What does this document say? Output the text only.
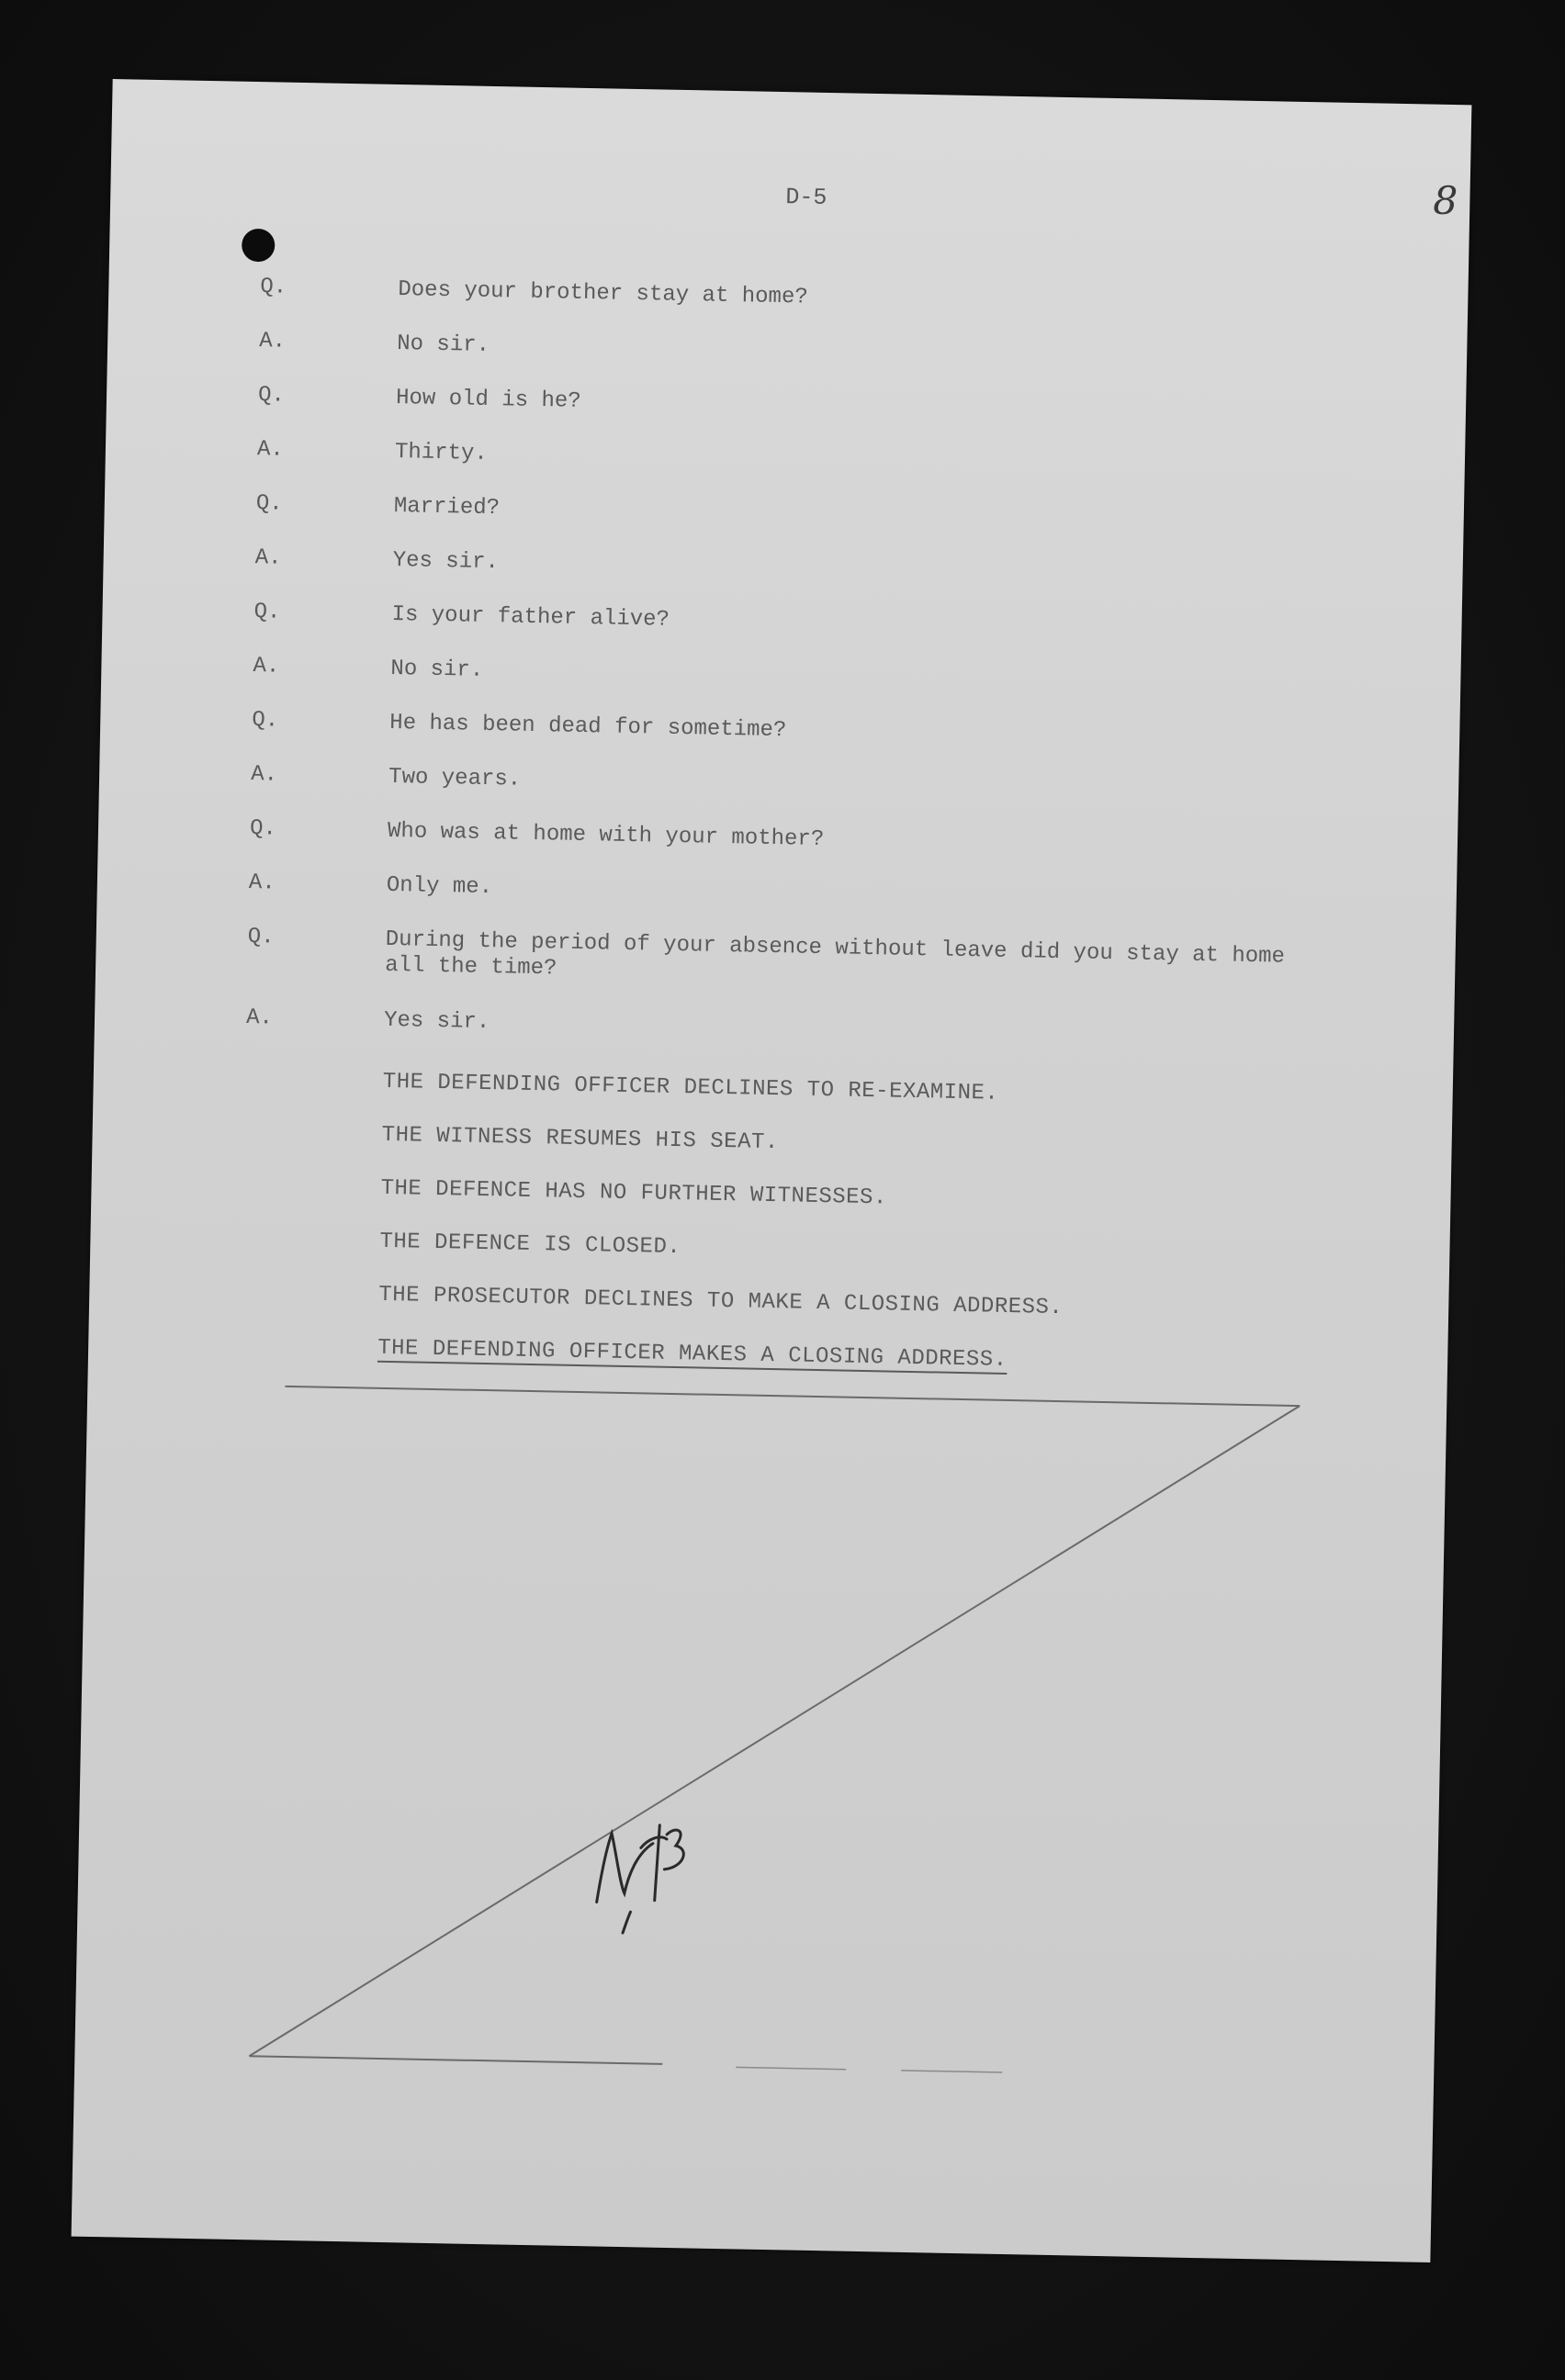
D-5	8
Q.	Does your brother stay at home?
A.	No sir.
Q.	How old is he?
A.	Thirty.
Q.	Married?
A.	Yes sir.
Q.	Is your father alive?
A.	No sir.
Q.	He has been dead for sometime?
A.	Two years.
Q.	Who was at home with your mother?
A.	Only me.
Q.	During the period of your absence without leave did you stay at home
all the time?
A.	Yes sir.
THE DEFENDING OFFICER DECLINES TO RE-EXAMINE.
THE WITNESS RESUMES HIS SEAT.
THE DEFENCE HAS NO FURTHER WITNESSES.
THE DEFENCE IS CLOSED.
THE PROSECUTOR DECLINES TO MAKE A CLOSING ADDRESS.
THE DEFENDING OFFICER MAKES A CLOSING ADDRESS.
